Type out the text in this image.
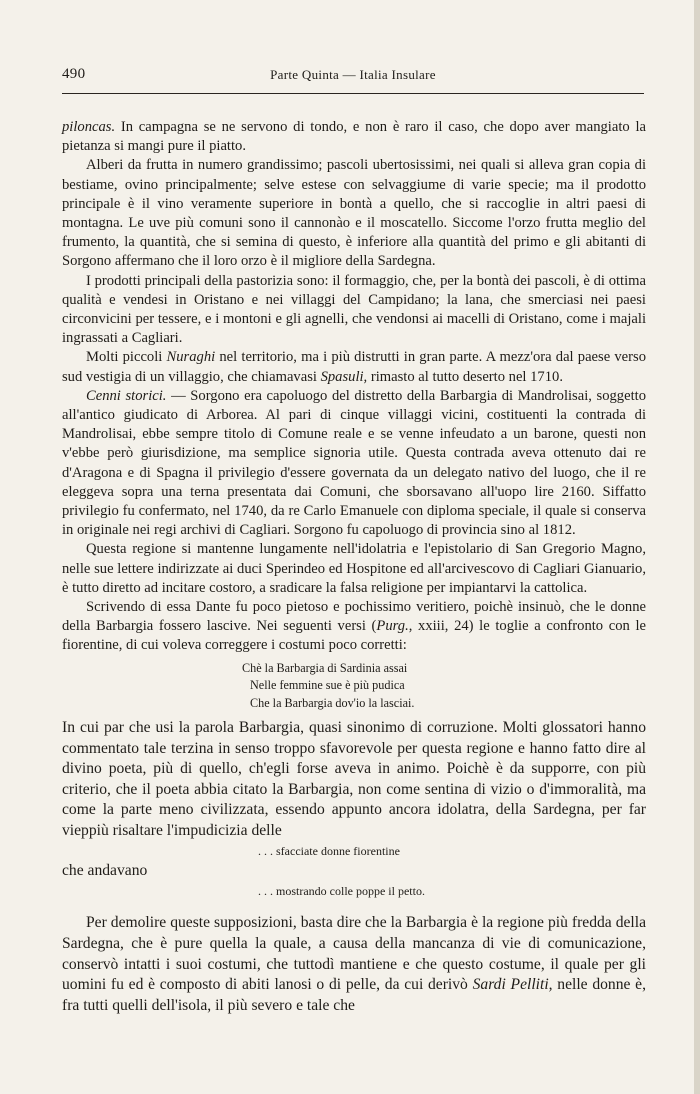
490	Parte Quinta — Italia Insulare

piloncas. In campagna se ne servono di tondo, e non è raro il caso, che dopo aver mangiato la pietanza si mangi pure il piatto.

Alberi da frutta in numero grandissimo; pascoli ubertosissimi, nei quali si alleva gran copia di bestiame, ovino principalmente; selve estese con selvaggiume di varie specie; ma il prodotto principale è il vino veramente superiore in bontà a quello, che si raccoglie in altri paesi di montagna. Le uve più comuni sono il cannonào e il moscatello. Siccome l'orzo frutta meglio del frumento, la quantità, che si semina di questo, è inferiore alla quantità del primo e gli abitanti di Sorgono affermano che il loro orzo è il migliore della Sardegna.

I prodotti principali della pastorizia sono: il formaggio, che, per la bontà dei pascoli, è di ottima qualità e vendesi in Oristano e nei villaggi del Campidano; la lana, che smerciasi nei paesi circonvicini per tessere, e i montoni e gli agnelli, che vendonsi ai macelli di Oristano, come i majali ingrassati a Cagliari.

Molti piccoli Nuraghi nel territorio, ma i più distrutti in gran parte. A mezz'ora dal paese verso sud vestigia di un villaggio, che chiamavasi Spasuli, rimasto al tutto deserto nel 1710.

Cenni storici. — Sorgono era capoluogo del distretto della Barbargia di Mandrolisai, soggetto all'antico giudicato di Arborea. Al pari di cinque villaggi vicini, costituenti la contrada di Mandrolisai, ebbe sempre titolo di Comune reale e se venne infeudato a un barone, questi non v'ebbe però giurisdizione, ma semplice signoria utile. Questa contrada aveva ottenuto dai re d'Aragona e di Spagna il privilegio d'essere governata da un delegato nativo del luogo, che il re eleggeva sopra una terna presentata dai Comuni, che sborsavano all'uopo lire 2160. Siffatto privilegio fu confermato, nel 1740, da re Carlo Emanuele con diploma speciale, il quale si conserva in originale nei regi archivi di Cagliari. Sorgono fu capoluogo di provincia sino al 1812.

Questa regione si mantenne lungamente nell'idolatria e l'epistolario di San Gregorio Magno, nelle sue lettere indirizzate ai duci Sperindeo ed Hospitone ed all'arcivescovo di Cagliari Gianuario, è tutto diretto ad incitare costoro, a sradicare la falsa religione per impiantarvi la cattolica.

Scrivendo di essa Dante fu poco pietoso e pochissimo veritiero, poichè insinuò, che le donne della Barbargia fossero lascive. Nei seguenti versi (Purg., xxiii, 24) le toglie a confronto con le fiorentine, di cui voleva correggere i costumi poco corretti:

Chè la Barbargia di Sardinia assai
Nelle femmine sue è più pudica
Che la Barbargia dov'io la lasciai.

In cui par che usi la parola Barbargia, quasi sinonimo di corruzione. Molti glossatori hanno commentato tale terzina in senso troppo sfavorevole per questa regione e hanno fatto dire al divino poeta, più di quello, ch'egli forse aveva in animo. Poichè è da supporre, con più criterio, che il poeta abbia citato la Barbargia, non come sentina di vizio o d'immoralità, ma come la parte meno civilizzata, essendo appunto ancora idolatra, della Sardegna, per far vieppiù risaltare l'impudicizia delle

. . . sfacciate donne fiorentine
che andavano
. . . mostrando colle poppe il petto.

Per demolire queste supposizioni, basta dire che la Barbargia è la regione più fredda della Sardegna, che è pure quella la quale, a causa della mancanza di vie di comunicazione, conservò intatti i suoi costumi, che tuttodì mantiene e che questo costume, il quale per gli uomini fu ed è composto di abiti lanosi o di pelle, da cui derivò Sardi Pelliti, nelle donne è, fra tutti quelli dell'isola, il più severo e tale che
